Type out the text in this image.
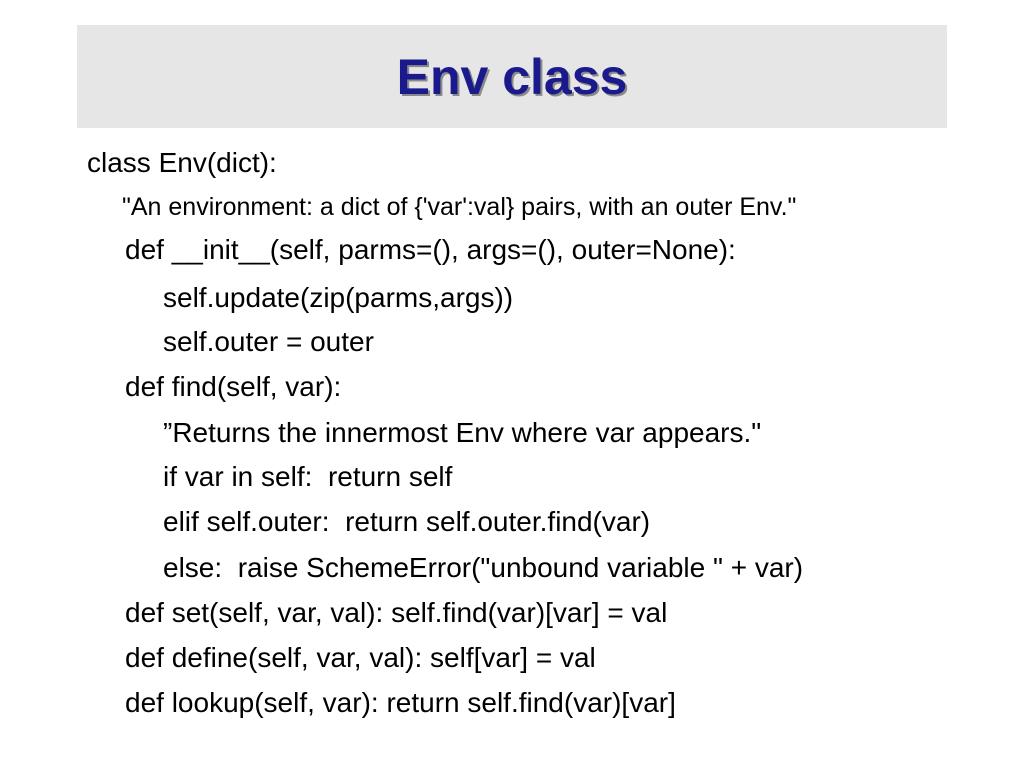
Env class
class Env(dict):
"An environment: a dict of {'var':val} pairs, with an outer Env."
def __init__(self, parms=(), args=(), outer=None):
self.update(zip(parms,args))
self.outer = outer
def find(self, var):
”Returns the innermost Env where var appears."
if var in self:  return self
elif self.outer:  return self.outer.find(var)
else:  raise SchemeError("unbound variable " + var)
def set(self, var, val): self.find(var)[var] = val
def define(self, var, val): self[var] = val
def lookup(self, var): return self.find(var)[var]
